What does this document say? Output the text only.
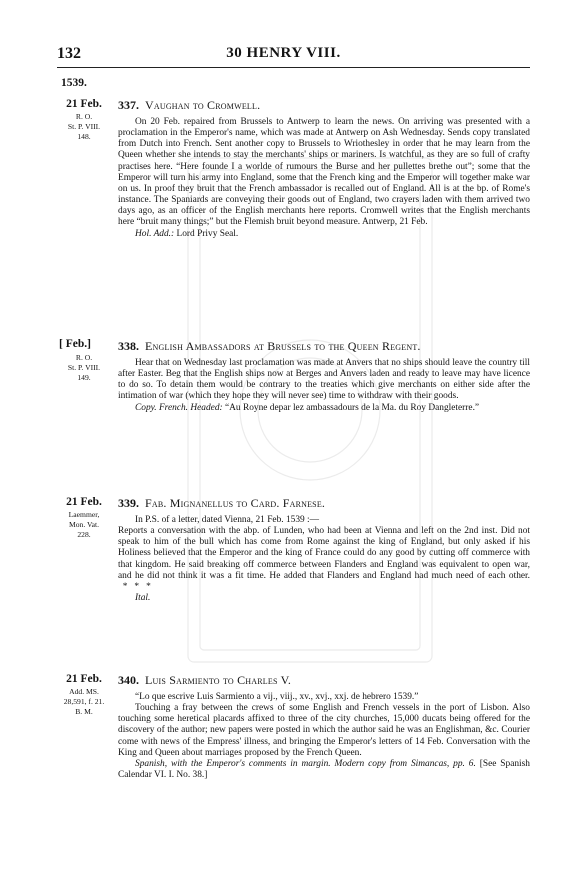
132	30 HENRY VIII.
1539.
21 Feb.
R. O.
St. P. VIII.
148.
337. Vaughan to Cromwell.

On 20 Feb. repaired from Brussels to Antwerp to learn the news. On arriving was presented with a proclamation in the Emperor's name, which was made at Antwerp on Ash Wednesday. Sends copy translated from Dutch into French. Sent another copy to Brussels to Wriothesley in order that he may learn from the Queen whether she intends to stay the merchants' ships or mariners. Is watchful, as they are so full of crafty practises here. “Here founde I a worlde of rumours the Burse and her pullettes brethe out”; some that the Emperor will turn his army into England, some that the French king and the Emperor will together make war on us. In proof they bruit that the French ambassador is recalled out of England. All is at the bp. of Rome's instance. The Spaniards are conveying their goods out of England, two crayers laden with them arrived two days ago, as an officer of the English merchants here reports. Cromwell writes that the English merchants here “bruit many things;” but the Flemish bruit beyond measure. Antwerp, 21 Feb.

Hol. Add.: Lord Privy Seal.

[ Feb.]
R. O.
St. P. VIII.
149.
338. English Ambassadors at Brussels to the Queen Regent.

Hear that on Wednesday last proclamation was made at Anvers that no ships should leave the country till after Easter. Beg that the English ships now at Berges and Anvers laden and ready to leave may have licence to do so. To detain them would be contrary to the treaties which give merchants on either side after the intimation of war (which they hope they will never see) time to withdraw with their goods.

Copy. French. Headed: “Au Royne depar lez ambassadours de la Ma. du Roy Dangleterre.”

21 Feb.
Laemmer,
Mon. Vat.
228.
339. Fab. Mignanellus to Card. Farnese.

In P.S. of a letter, dated Vienna, 21 Feb. 1539 :—

Reports a conversation with the abp. of Lunden, who had been at Vienna and left on the 2nd inst. Did not speak to him of the bull which has come from Rome against the king of England, but only asked if his Holiness believed that the Emperor and the king of France could do any good by cutting off commerce with that kingdom. He said breaking off commerce between Flanders and England was equivalent to open war, and he did not think it was a fit time. He added that Flanders and England had much need of each other.   *   *   *

Ital.

21 Feb.
Add. MS.
28,591, f. 21.
B. M.
340. Luis Sarmiento to Charles V.

“Lo que escrive Luis Sarmiento a vij., viij., xv., xvj., xxj. de hebrero 1539.”

Touching a fray between the crews of some English and French vessels in the port of Lisbon. Also touching some heretical placards affixed to three of the city churches, 15,000 ducats being offered for the discovery of the author; new papers were posted in which the author said he was an Englishman, &c. Courier come with news of the Empress' illness, and bringing the Emperor's letters of 14 Feb. Conversation with the King and Queen about marriages proposed by the French Queen.

Spanish, with the Emperor's comments in margin. Modern copy from Simancas, pp. 6. [See Spanish Calendar VI. I. No. 38.]
